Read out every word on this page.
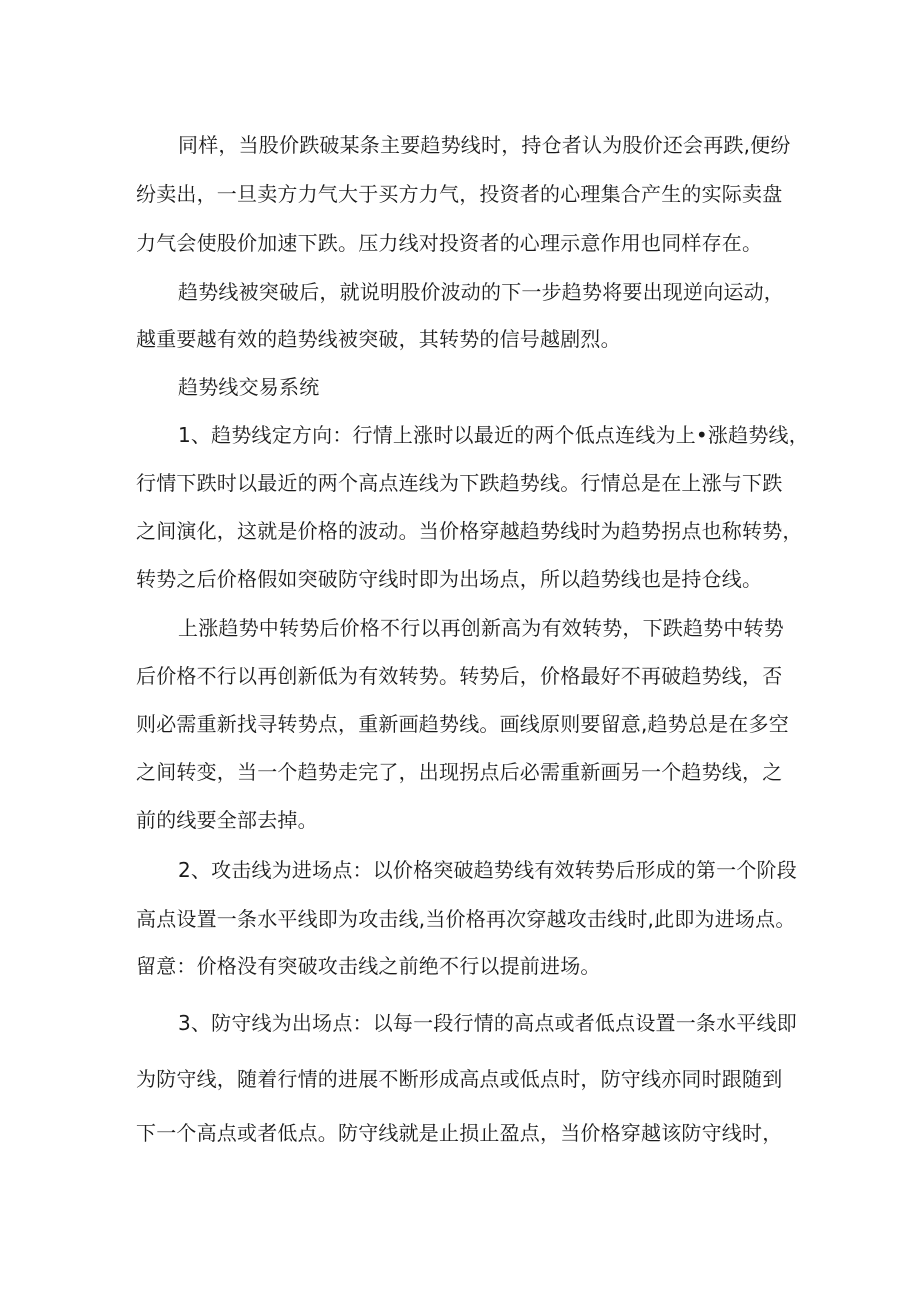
同样，当股价跌破某条主要趋势线时，持仓者认为股价还会再跌,便纷
纷卖出，一旦卖方力气大于买方力气，投资者的心理集合产生的实际卖盘
力气会使股价加速下跌。压力线对投资者的心理示意作用也同样存在。
趋势线被突破后，就说明股价波动的下一步趋势将要出现逆向运动，
越重要越有效的趋势线被突破，其转势的信号越剧烈。
趋势线交易系统
1、趋势线定方向：行情上涨时以最近的两个低点连线为上•涨趋势线，
行情下跌时以最近的两个高点连线为下跌趋势线。行情总是在上涨与下跌
之间演化，这就是价格的波动。当价格穿越趋势线时为趋势拐点也称转势，
转势之后价格假如突破防守线时即为出场点，所以趋势线也是持仓线。
上涨趋势中转势后价格不行以再创新高为有效转势，下跌趋势中转势
后价格不行以再创新低为有效转势。转势后，价格最好不再破趋势线，否
则必需重新找寻转势点，重新画趋势线。画线原则要留意,趋势总是在多空
之间转变，当一个趋势走完了，出现拐点后必需重新画另一个趋势线，之
前的线要全部去掉。
2、攻击线为进场点：以价格突破趋势线有效转势后形成的第一个阶段
高点设置一条水平线即为攻击线,当价格再次穿越攻击线时,此即为进场点。
留意：价格没有突破攻击线之前绝不行以提前进场。
3、防守线为出场点：以每一段行情的高点或者低点设置一条水平线即
为防守线，随着行情的进展不断形成高点或低点时，防守线亦同时跟随到
下一个高点或者低点。防守线就是止损止盈点，当价格穿越该防守线时，
